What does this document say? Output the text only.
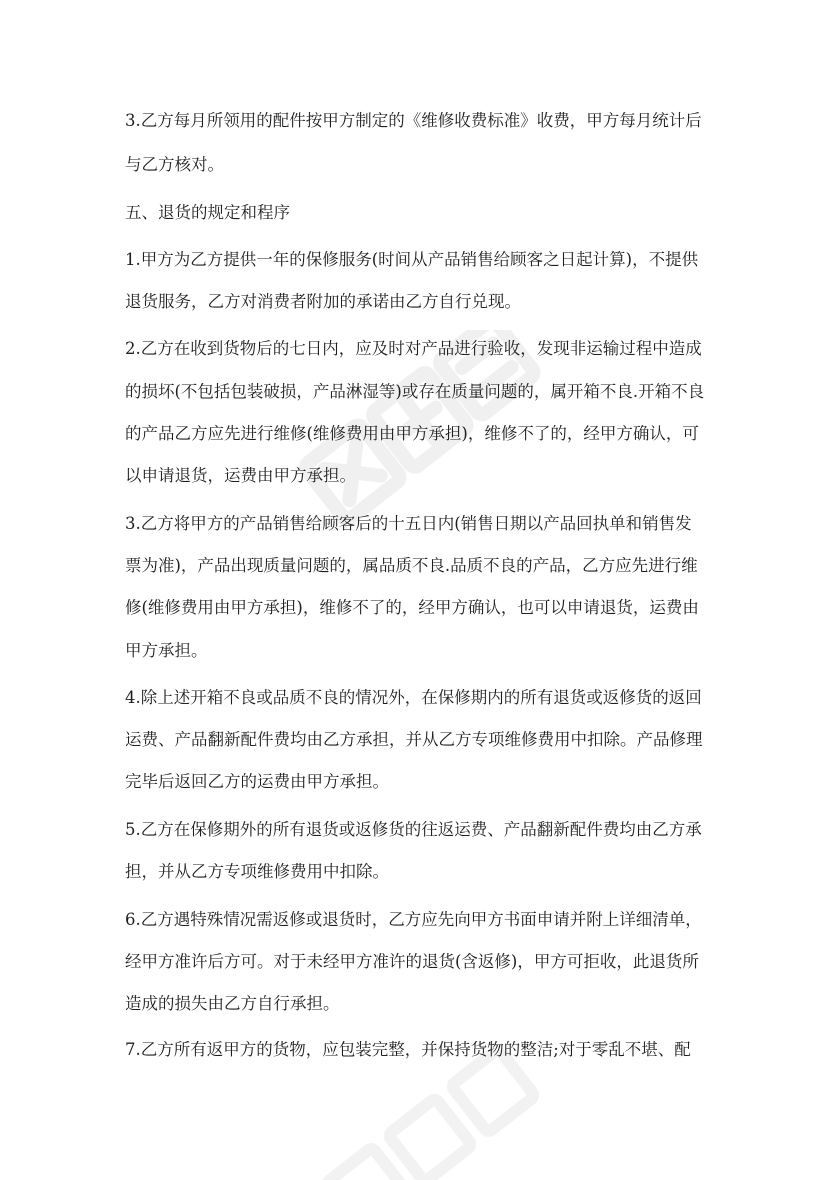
3.乙方每月所领用的配件按甲方制定的《维修收费标准》收费，甲方每月统计后
与乙方核对。
五、退货的规定和程序
1.甲方为乙方提供一年的保修服务(时间从产品销售给顾客之日起计算)，不提供
退货服务，乙方对消费者附加的承诺由乙方自行兑现。
2.乙方在收到货物后的七日内，应及时对产品进行验收，发现非运输过程中造成
的损坏(不包括包装破损，产品淋湿等)或存在质量问题的，属开箱不良.开箱不良
的产品乙方应先进行维修(维修费用由甲方承担)，维修不了的，经甲方确认，可
以申请退货，运费由甲方承担。
3.乙方将甲方的产品销售给顾客后的十五日内(销售日期以产品回执单和销售发
票为准)，产品出现质量问题的，属品质不良.品质不良的产品，乙方应先进行维
修(维修费用由甲方承担)，维修不了的，经甲方确认，也可以申请退货，运费由
甲方承担。
4.除上述开箱不良或品质不良的情况外，在保修期内的所有退货或返修货的返回
运费、产品翻新配件费均由乙方承担，并从乙方专项维修费用中扣除。产品修理
完毕后返回乙方的运费由甲方承担。
5.乙方在保修期外的所有退货或返修货的往返运费、产品翻新配件费均由乙方承
担，并从乙方专项维修费用中扣除。
6.乙方遇特殊情况需返修或退货时，乙方应先向甲方书面申请并附上详细清单，
经甲方准许后方可。对于未经甲方准许的退货(含返修)，甲方可拒收，此退货所
造成的损失由乙方自行承担。
7.乙方所有返甲方的货物，应包装完整，并保持货物的整洁;对于零乱不堪、配
